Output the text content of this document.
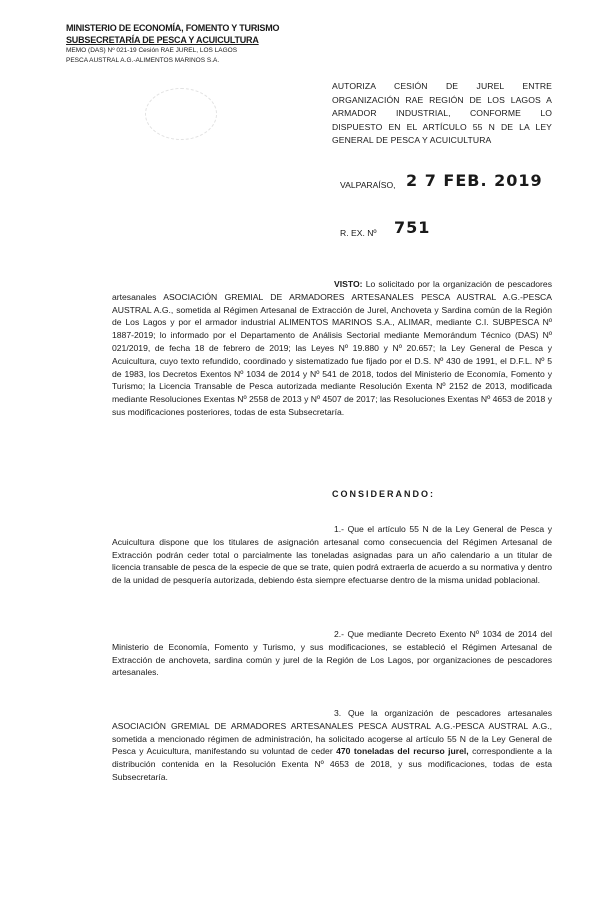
MINISTERIO DE ECONOMÍA, FOMENTO Y TURISMO
SUBSECRETARÍA DE PESCA Y ACUICULTURA
MEMO (DAS) Nº 021-19 Cesión RAE JUREL, LOS LAGOS
PESCA AUSTRAL A.G.-ALIMENTOS MARINOS S.A.
AUTORIZA CESIÓN DE JUREL ENTRE ORGANIZACIÓN RAE REGIÓN DE LOS LAGOS A ARMADOR INDUSTRIAL, CONFORME LO DISPUESTO EN EL ARTÍCULO 55 N DE LA LEY GENERAL DE PESCA Y ACUICULTURA
VALPARAÍSO, 2 7 FEB. 2019
R. EX. Nº 751
VISTO: Lo solicitado por la organización de pescadores artesanales ASOCIACIÓN GREMIAL DE ARMADORES ARTESANALES PESCA AUSTRAL A.G.-PESCA AUSTRAL A.G., sometida al Régimen Artesanal de Extracción de Jurel, Anchoveta y Sardina común de la Región de Los Lagos y por el armador industrial ALIMENTOS MARINOS S.A., ALIMAR, mediante C.I. SUBPESCA Nº 1887-2019; lo informado por el Departamento de Análisis Sectorial mediante Memorándum Técnico (DAS) Nº 021/2019, de fecha 18 de febrero de 2019; las Leyes Nº 19.880 y Nº 20.657; la Ley General de Pesca y Acuicultura, cuyo texto refundido, coordinado y sistematizado fue fijado por el D.S. Nº 430 de 1991, el D.F.L. Nº 5 de 1983, los Decretos Exentos Nº 1034 de 2014 y Nº 541 de 2018, todos del Ministerio de Economía, Fomento y Turismo; la Licencia Transable de Pesca autorizada mediante Resolución Exenta Nº 2152 de 2013, modificada mediante Resoluciones Exentas Nº 2558 de 2013 y Nº 4507 de 2017; las Resoluciones Exentas Nº 4653 de 2018 y sus modificaciones posteriores, todas de esta Subsecretaría.
CONSIDERANDO:
1.- Que el artículo 55 N de la Ley General de Pesca y Acuicultura dispone que los titulares de asignación artesanal como consecuencia del Régimen Artesanal de Extracción podrán ceder total o parcialmente las toneladas asignadas para un año calendario a un titular de licencia transable de pesca de la especie de que se trate, quien podrá extraerla de acuerdo a su normativa y dentro de la unidad de pesquería autorizada, debiendo ésta siempre efectuarse dentro de la misma unidad poblacional.
2.- Que mediante Decreto Exento Nº 1034 de 2014 del Ministerio de Economía, Fomento y Turismo, y sus modificaciones, se estableció el Régimen Artesanal de Extracción de anchoveta, sardina común y jurel de la Región de Los Lagos, por organizaciones de pescadores artesanales.
3. Que la organización de pescadores artesanales ASOCIACIÓN GREMIAL DE ARMADORES ARTESANALES PESCA AUSTRAL A.G.-PESCA AUSTRAL A.G., sometida a mencionado régimen de administración, ha solicitado acogerse al artículo 55 N de la Ley General de Pesca y Acuicultura, manifestando su voluntad de ceder 470 toneladas del recurso jurel, correspondiente a la distribución contenida en la Resolución Exenta Nº 4653 de 2018, y sus modificaciones, todas de esta Subsecretaría.
